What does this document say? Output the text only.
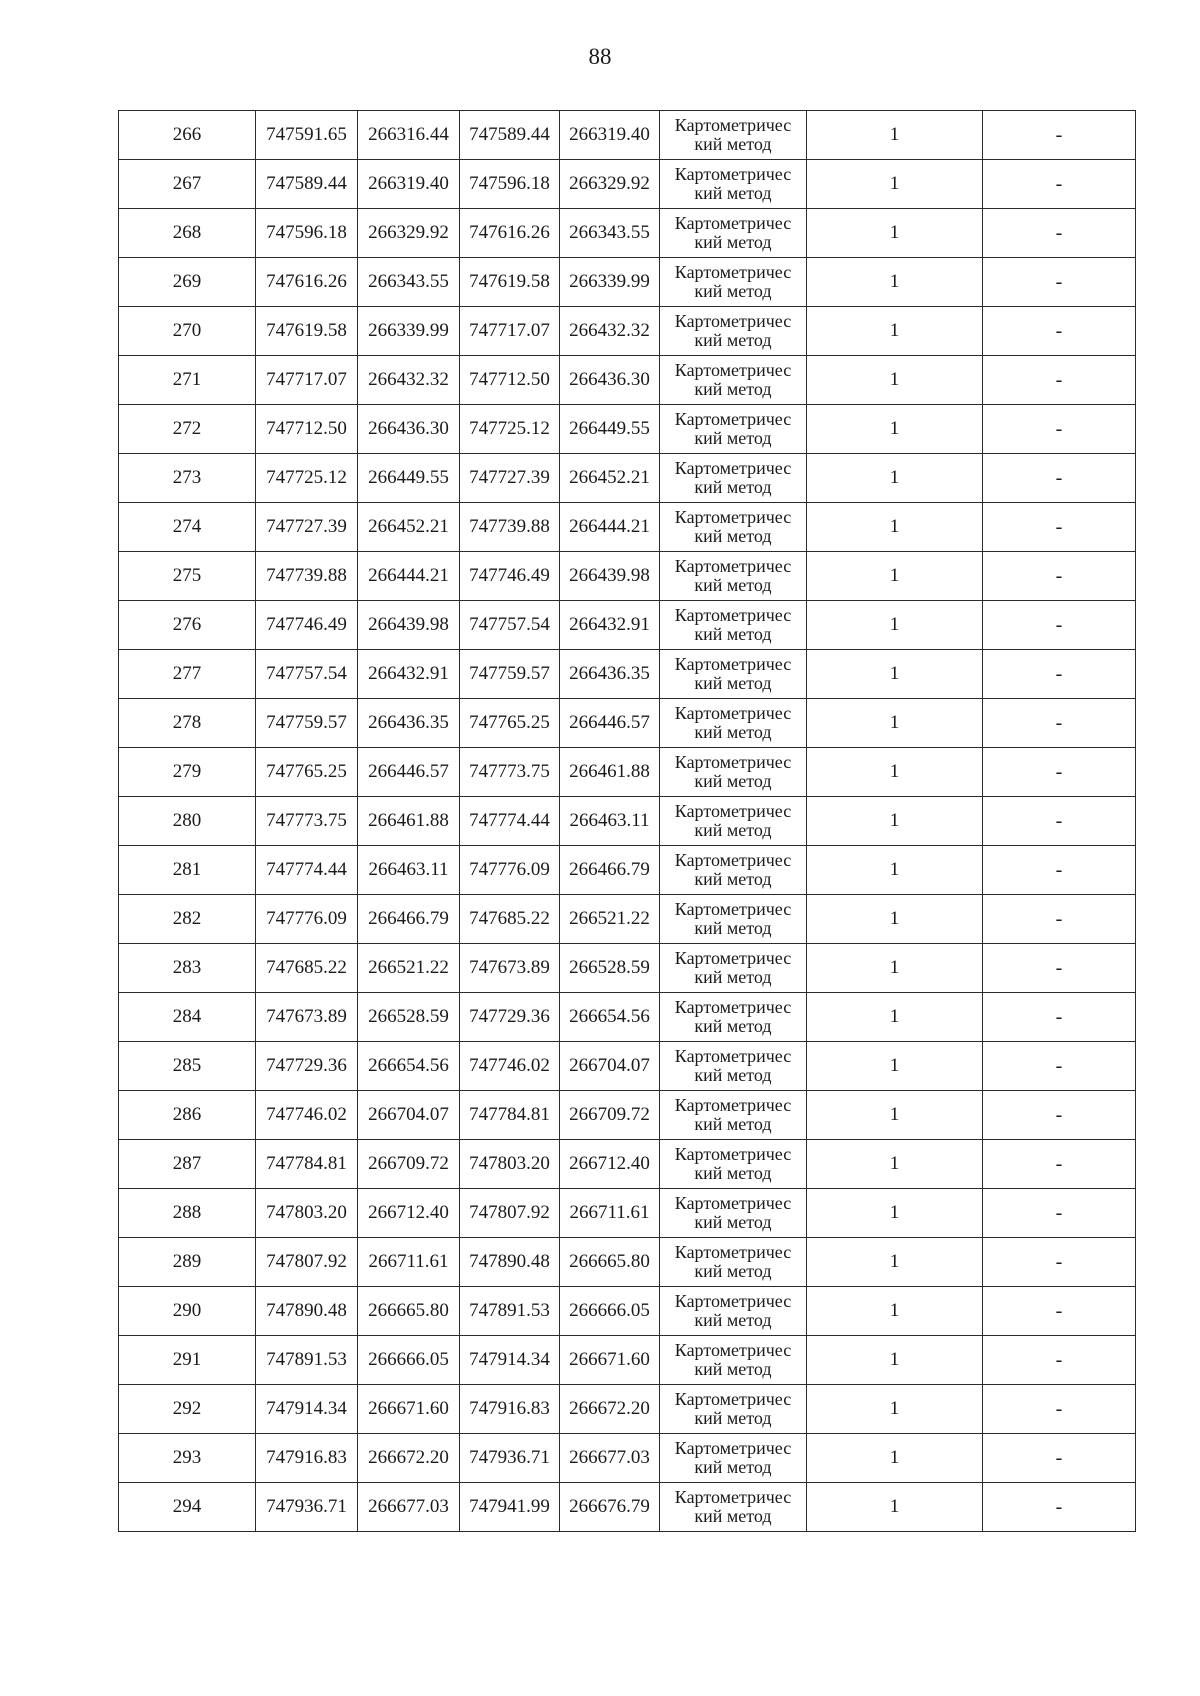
88
266	747591.65	266316.44	747589.44	266319.40	Картометричес
кий метод	1	-
267	747589.44	266319.40	747596.18	266329.92	Картометричес
кий метод	1	-
268	747596.18	266329.92	747616.26	266343.55	Картометричес
кий метод	1	-
269	747616.26	266343.55	747619.58	266339.99	Картометричес
кий метод	1	-
270	747619.58	266339.99	747717.07	266432.32	Картометричес
кий метод	1	-
271	747717.07	266432.32	747712.50	266436.30	Картометричес
кий метод	1	-
272	747712.50	266436.30	747725.12	266449.55	Картометричес
кий метод	1	-
273	747725.12	266449.55	747727.39	266452.21	Картометричес
кий метод	1	-
274	747727.39	266452.21	747739.88	266444.21	Картометричес
кий метод	1	-
275	747739.88	266444.21	747746.49	266439.98	Картометричес
кий метод	1	-
276	747746.49	266439.98	747757.54	266432.91	Картометричес
кий метод	1	-
277	747757.54	266432.91	747759.57	266436.35	Картометричес
кий метод	1	-
278	747759.57	266436.35	747765.25	266446.57	Картометричес
кий метод	1	-
279	747765.25	266446.57	747773.75	266461.88	Картометричес
кий метод	1	-
280	747773.75	266461.88	747774.44	266463.11	Картометричес
кий метод	1	-
281	747774.44	266463.11	747776.09	266466.79	Картометричес
кий метод	1	-
282	747776.09	266466.79	747685.22	266521.22	Картометричес
кий метод	1	-
283	747685.22	266521.22	747673.89	266528.59	Картометричес
кий метод	1	-
284	747673.89	266528.59	747729.36	266654.56	Картометричес
кий метод	1	-
285	747729.36	266654.56	747746.02	266704.07	Картометричес
кий метод	1	-
286	747746.02	266704.07	747784.81	266709.72	Картометричес
кий метод	1	-
287	747784.81	266709.72	747803.20	266712.40	Картометричес
кий метод	1	-
288	747803.20	266712.40	747807.92	266711.61	Картометричес
кий метод	1	-
289	747807.92	266711.61	747890.48	266665.80	Картометричес
кий метод	1	-
290	747890.48	266665.80	747891.53	266666.05	Картометричес
кий метод	1	-
291	747891.53	266666.05	747914.34	266671.60	Картометричес
кий метод	1	-
292	747914.34	266671.60	747916.83	266672.20	Картометричес
кий метод	1	-
293	747916.83	266672.20	747936.71	266677.03	Картометричес
кий метод	1	-
294	747936.71	266677.03	747941.99	266676.79	Картометричес
кий метод	1	-
